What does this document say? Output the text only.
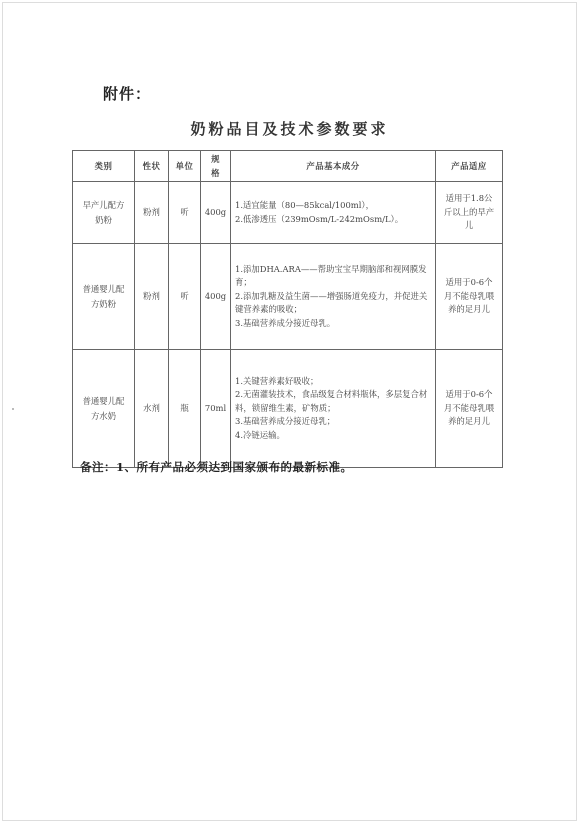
附件：
奶粉品目及技术参数要求
类别	性状	单位	规格	产品基本成分	产品适应
早产儿配方奶粉	粉剂	听	400g	1.适宜能量（80—85kcal/100ml），
2.低渗透压（239mOsm/L-242mOsm/L）。	适用于1.8公斤以上的早产儿
普通婴儿配方奶粉	粉剂	听	400g	1.添加DHA.ARA——帮助宝宝早期脑部和视网膜发育；
2.添加乳糖及益生菌——增强肠道免疫力，并促进关键营养素的吸收；
3.基础营养成分接近母乳。	适用于0-6个月不能母乳喂养的足月儿
普通婴儿配方水奶	水剂	瓶	70ml	1.关键营养素好吸收；
2.无菌灌装技术，食品级复合材料瓶体，多层复合材料，锁留维生素，矿物质；
3.基础营养成分接近母乳；
4.冷链运输。	适用于0-6个月不能母乳喂养的足月儿
备注：1、所有产品必须达到国家颁布的最新标准。
